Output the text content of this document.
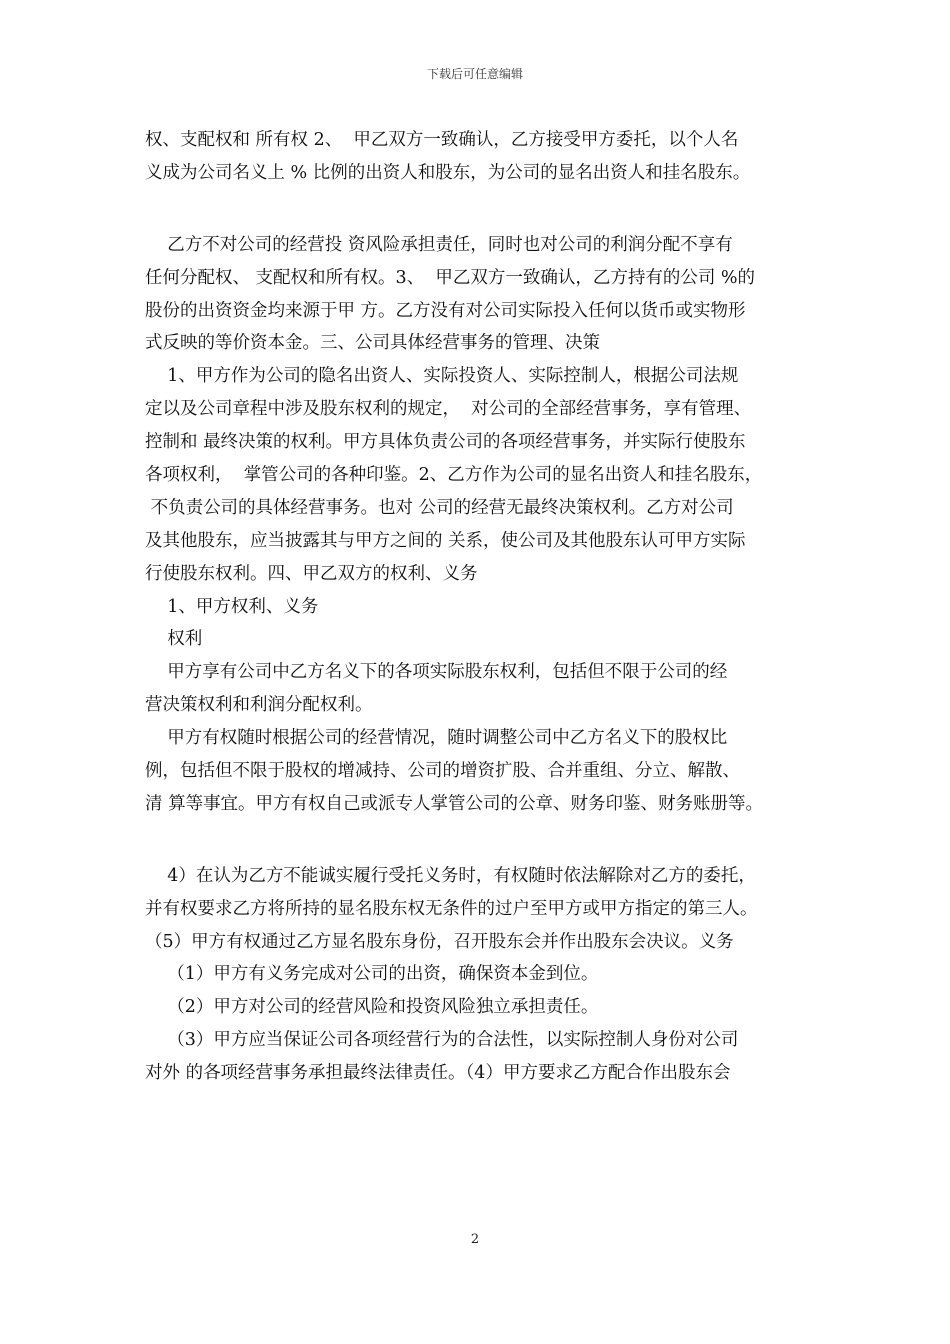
下载后可任意编辑
权、支配权和 所有权 2、  甲乙双方一致确认，乙方接受甲方委托，以个人名
义成为公司名义上 % 比例的出资人和股东，为公司的显名出资人和挂名股东。
乙方不对公司的经营投 资风险承担责任，同时也对公司的利润分配不享有
任何分配权、 支配权和所有权。3、  甲乙双方一致确认，乙方持有的公司 %的
股份的出资资金均来源于甲 方。乙方没有对公司实际投入任何以货币或实物形
式反映的等价资本金。三、公司具体经营事务的管理、决策
1、甲方作为公司的隐名出资人、实际投资人、实际控制人，根据公司法规
定以及公司章程中涉及股东权利的规定，  对公司的全部经营事务，享有管理、
控制和 最终决策的权利。甲方具体负责公司的各项经营事务，并实际行使股东
各项权利，  掌管公司的各种印鉴。2、乙方作为公司的显名出资人和挂名股东，
不负责公司的具体经营事务。也对 公司的经营无最终决策权利。乙方对公司
及其他股东，应当披露其与甲方之间的 关系，使公司及其他股东认可甲方实际
行使股东权利。四、甲乙双方的权利、义务
1、甲方权利、义务
权利
甲方享有公司中乙方名义下的各项实际股东权利，包括但不限于公司的经
营决策权利和利润分配权利。
甲方有权随时根据公司的经营情况，随时调整公司中乙方名义下的股权比
例，包括但不限于股权的增减持、公司的增资扩股、合并重组、分立、解散、
清 算等事宜。甲方有权自己或派专人掌管公司的公章、财务印鉴、财务账册等。
4）在认为乙方不能诚实履行受托义务时，有权随时依法解除对乙方的委托，
并有权要求乙方将所持的显名股东权无条件的过户至甲方或甲方指定的第三人。
（5）甲方有权通过乙方显名股东身份，召开股东会并作出股东会决议。义务
（1）甲方有义务完成对公司的出资，确保资本金到位。
（2）甲方对公司的经营风险和投资风险独立承担责任。
（3）甲方应当保证公司各项经营行为的合法性，以实际控制人身份对公司
对外 的各项经营事务承担最终法律责任。（4）甲方要求乙方配合作出股东会
2
